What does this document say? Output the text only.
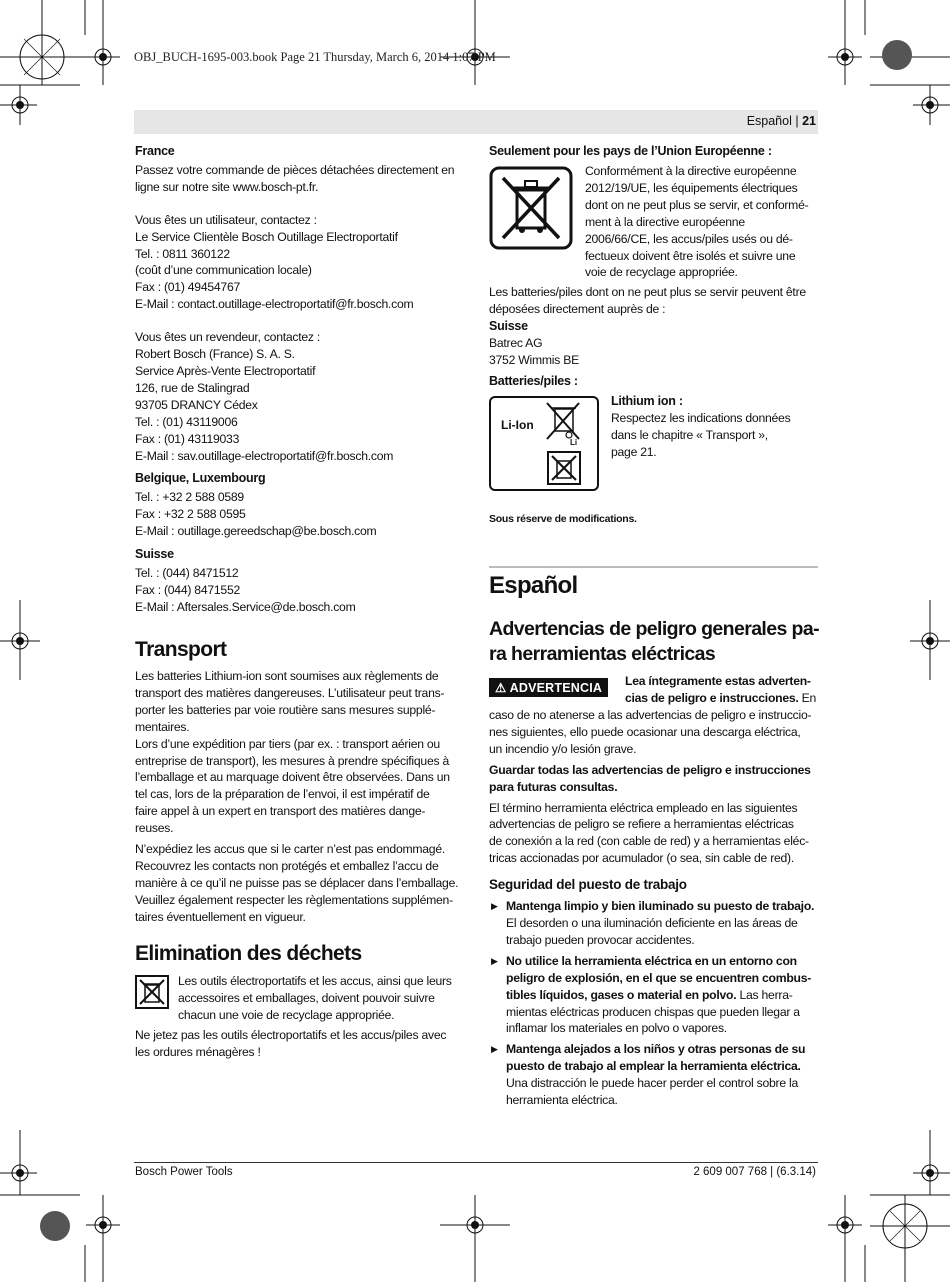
OBJ_BUCH-1695-003.book Page 21 Thursday, March 6, 2014 1:07 PM
Español | 21
France
Passez votre commande de pièces détachées directement en
ligne sur notre site www.bosch-pt.fr.
Vous êtes un utilisateur, contactez :
Le Service Clientèle Bosch Outillage Electroportatif
Tel. : 0811 360122
(coût d’une communication locale)
Fax : (01) 49454767
E-Mail : contact.outillage-electroportatif@fr.bosch.com
Vous êtes un revendeur, contactez :
Robert Bosch (France) S. A. S.
Service Après-Vente Electroportatif
126, rue de Stalingrad
93705 DRANCY Cédex
Tel. : (01) 43119006
Fax : (01) 43119033
E-Mail : sav.outillage-electroportatif@fr.bosch.com
Belgique, Luxembourg
Tel. : +32 2 588 0589
Fax : +32 2 588 0595
E-Mail : outillage.gereedschap@be.bosch.com
Suisse
Tel. : (044) 8471512
Fax : (044) 8471552
E-Mail : Aftersales.Service@de.bosch.com
Transport
Les batteries Lithium-ion sont soumises aux règlements de
transport des matières dangereuses. L’utilisateur peut trans-
porter les batteries par voie routière sans mesures supplé-
mentaires.
Lors d’une expédition par tiers (par ex. : transport aérien ou
entreprise de transport), les mesures à prendre spécifiques à
l’emballage et au marquage doivent être observées. Dans un
tel cas, lors de la préparation de l’envoi, il est impératif de
faire appel à un expert en transport des matières dange-
reuses.
N’expédiez les accus que si le carter n’est pas endommagé.
Recouvrez les contacts non protégés et emballez l’accu de
manière à ce qu’il ne puisse pas se déplacer dans l’emballage.
Veuillez également respecter les règlementations supplémen-
taires éventuellement en vigueur.
Elimination des déchets
Les outils électroportatifs et les accus, ainsi que leurs
accessoires et emballages, doivent pouvoir suivre
chacun une voie de recyclage appropriée.
Ne jetez pas les outils électroportatifs et les accus/piles avec
les ordures ménagères !
Seulement pour les pays de l’Union Européenne :
Conformément à la directive européenne
2012/19/UE, les équipements électriques
dont on ne peut plus se servir, et conformé-
ment à la directive européenne
2006/66/CE, les accus/piles usés ou dé-
fectueux doivent être isolés et suivre une
voie de recyclage appropriée.
Les batteries/piles dont on ne peut plus se servir peuvent être
déposées directement auprès de :
Suisse
Batrec AG
3752 Wimmis BE
Batteries/piles :
Li-Ion
Li
Lithium ion :
Respectez les indications données
dans le chapitre « Transport »,
page 21.
Sous réserve de modifications.
Español
Advertencias de peligro generales pa-
ra herramientas eléctricas
⚠ ADVERTENCIA	Lea íntegramente estas adverten-
cias de peligro e instrucciones. En
caso de no atenerse a las advertencias de peligro e instruccio-
nes siguientes, ello puede ocasionar una descarga eléctrica,
un incendio y/o lesión grave.
Guardar todas las advertencias de peligro e instrucciones
para futuras consultas.
El término herramienta eléctrica empleado en las siguientes
advertencias de peligro se refiere a herramientas eléctricas
de conexión a la red (con cable de red) y a herramientas eléc-
tricas accionadas por acumulador (o sea, sin cable de red).
Seguridad del puesto de trabajo
▶ Mantenga limpio y bien iluminado su puesto de trabajo.
El desorden o una iluminación deficiente en las áreas de
trabajo pueden provocar accidentes.
▶ No utilice la herramienta eléctrica en un entorno con
peligro de explosión, en el que se encuentren combus-
tibles líquidos, gases o material en polvo. Las herra-
mientas eléctricas producen chispas que pueden llegar a
inflamar los materiales en polvo o vapores.
▶ Mantenga alejados a los niños y otras personas de su
puesto de trabajo al emplear la herramienta eléctrica.
Una distracción le puede hacer perder el control sobre la
herramienta eléctrica.
Bosch Power Tools	2 609 007 768 | (6.3.14)
